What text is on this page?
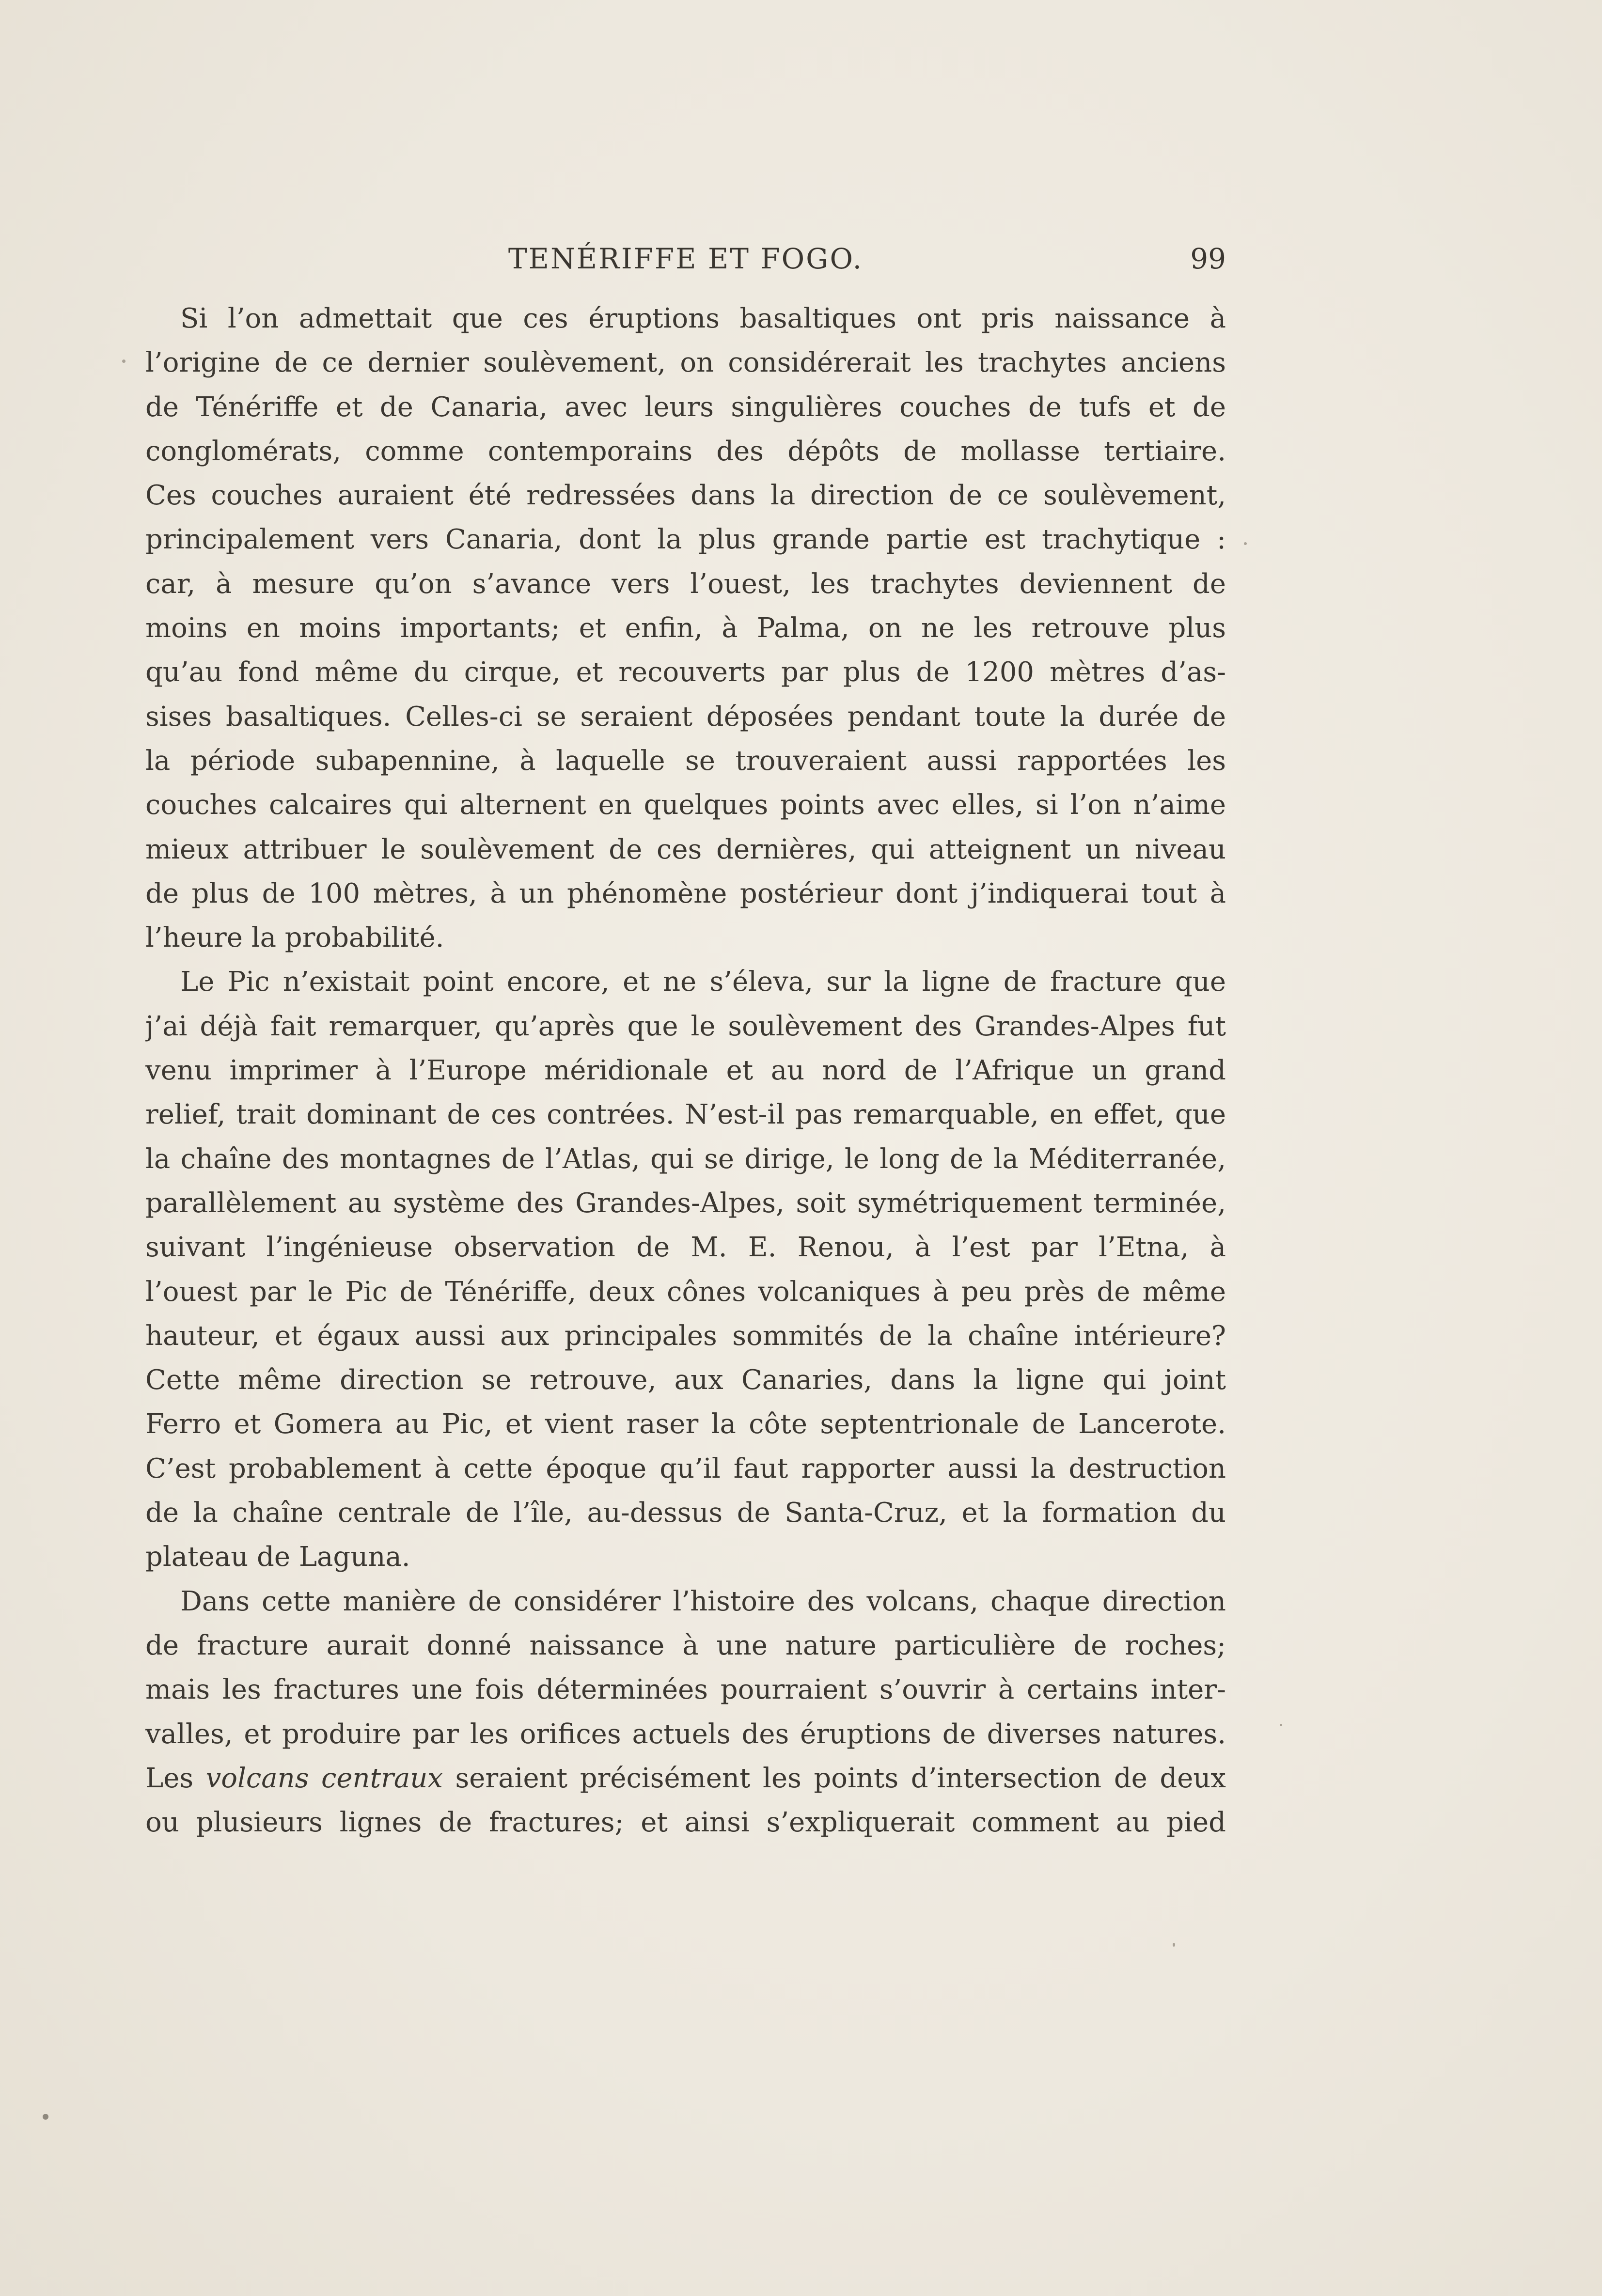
TENÉRIFFE ET FOGO.	99
Si l’on admettait que ces éruptions basaltiques ont pris naissance à
l’origine de ce dernier soulèvement, on considérerait les trachytes anciens
de Ténériffe et de Canaria, avec leurs singulières couches de tufs et de
conglomérats, comme contemporains des dépôts de mollasse tertiaire.
Ces couches auraient été redressées dans la direction de ce soulèvement,
principalement vers Canaria, dont la plus grande partie est trachytique :
car, à mesure qu’on s’avance vers l’ouest, les trachytes deviennent de
moins en moins importants; et enfin, à Palma, on ne les retrouve plus
qu’au fond même du cirque, et recouverts par plus de 1200 mètres d’as-
sises basaltiques. Celles-ci se seraient déposées pendant toute la durée de
la période subapennine, à laquelle se trouveraient aussi rapportées les
couches calcaires qui alternent en quelques points avec elles, si l’on n’aime
mieux attribuer le soulèvement de ces dernières, qui atteignent un niveau
de plus de 100 mètres, à un phénomène postérieur dont j’indiquerai tout à
l’heure la probabilité.
Le Pic n’existait point encore, et ne s’éleva, sur la ligne de fracture que
j’ai déjà fait remarquer, qu’après que le soulèvement des Grandes-Alpes fut
venu imprimer à l’Europe méridionale et au nord de l’Afrique un grand
relief, trait dominant de ces contrées. N’est-il pas remarquable, en effet, que
la chaîne des montagnes de l’Atlas, qui se dirige, le long de la Méditerranée,
parallèlement au système des Grandes-Alpes, soit symétriquement terminée,
suivant l’ingénieuse observation de M. E. Renou, à l’est par l’Etna, à
l’ouest par le Pic de Ténériffe, deux cônes volcaniques à peu près de même
hauteur, et égaux aussi aux principales sommités de la chaîne intérieure?
Cette même direction se retrouve, aux Canaries, dans la ligne qui joint
Ferro et Gomera au Pic, et vient raser la côte septentrionale de Lancerote.
C’est probablement à cette époque qu’il faut rapporter aussi la destruction
de la chaîne centrale de l’île, au-dessus de Santa-Cruz, et la formation du
plateau de Laguna.
Dans cette manière de considérer l’histoire des volcans, chaque direction
de fracture aurait donné naissance à une nature particulière de roches;
mais les fractures une fois déterminées pourraient s’ouvrir à certains inter-
valles, et produire par les orifices actuels des éruptions de diverses natures.
Les volcans centraux seraient précisément les points d’intersection de deux
ou plusieurs lignes de fractures; et ainsi s’expliquerait comment au pied
